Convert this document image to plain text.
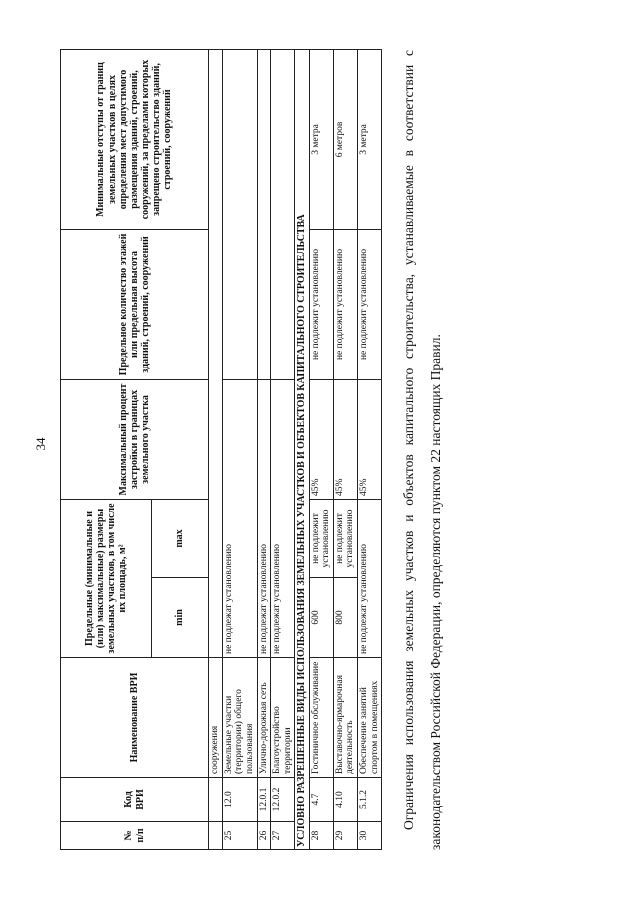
34
№ п/п	Код ВРИ	Наименование ВРИ	Предельные (минимальные и (или) максимальные) размеры земельных участков, в том числе их площадь, м²		Максимальный процент застройки в границах земельного участка	Предельное количество этажей или предельная высота зданий, строений, сооружений	Минимальные отступы от границ земельных участков в целях определения мест допустимого размещения зданий, строений, сооружений, за пределами которых запрещено строительство зданий, строений, сооружений
			min	max			
		сооружения					
25	12.0	Земельные участки (территории) общего пользования	не подлежат установлению				
26	12.0.1	Улично-дорожная сеть	не подлежат установлению				
27	12.0.2	Благоустройство территории	не подлежат установлению				
УСЛОВНО РАЗРЕШЕННЫЕ ВИДЫ ИСПОЛЬЗОВАНИЯ ЗЕМЕЛЬНЫХ УЧАСТКОВ И ОБЪЕКТОВ КАПИТАЛЬНОГО СТРОИТЕЛЬСТВА							
28	4.7	Гостиничное обслуживание	600	не подлежит установлению	45%	не подлежит установлению	3 метра
29	4.10	Выставочно-ярмарочная деятельность	800	не подлежит установлению	45%	не подлежит установлению	6 метров
30	5.1.2	Обеспечение занятий спортом в помещениях	не подлежат установлению		45%	не подлежит установлению	3 метра	Ограничения использования земельных участков и объектов капитального строительства, устанавливаемые в соответствии с законодательством Российской Федерации, определяются пунктом 22 настоящих Правил.
